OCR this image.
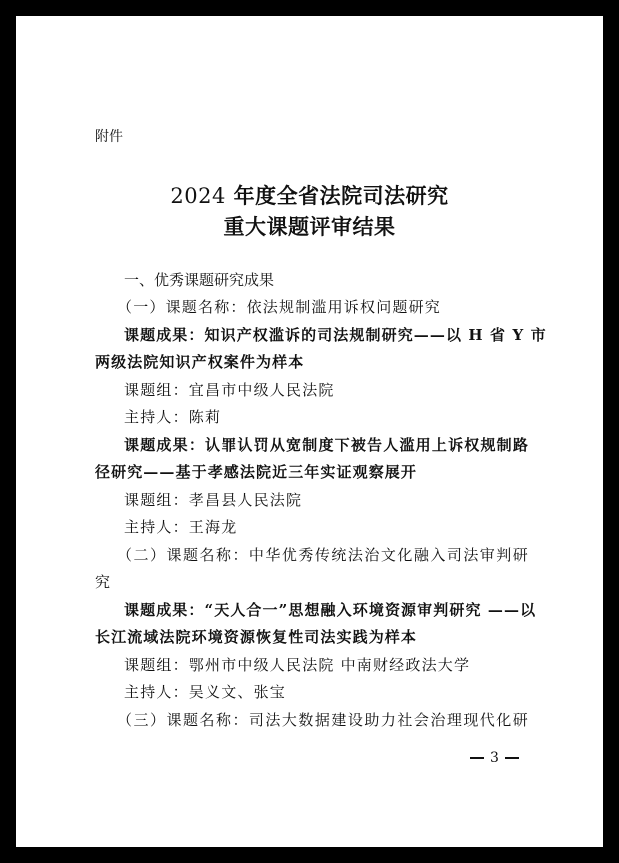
附件
2024 年度全省法院司法研究
重大课题评审结果
一、优秀课题研究成果
（一）课题名称：依法规制滥用诉权问题研究
课题成果：知识产权滥诉的司法规制研究——以 H 省 Y 市
两级法院知识产权案件为样本
课题组：宜昌市中级人民法院
主持人：陈莉
课题成果：认罪认罚从宽制度下被告人滥用上诉权规制路
径研究——基于孝感法院近三年实证观察展开
课题组：孝昌县人民法院
主持人：王海龙
（二）课题名称：中华优秀传统法治文化融入司法审判研
究
课题成果：“天人合一”思想融入环境资源审判研究 ——以
长江流域法院环境资源恢复性司法实践为样本
课题组：鄂州市中级人民法院 中南财经政法大学
主持人：吴义文、张宝
（三）课题名称：司法大数据建设助力社会治理现代化研
3
